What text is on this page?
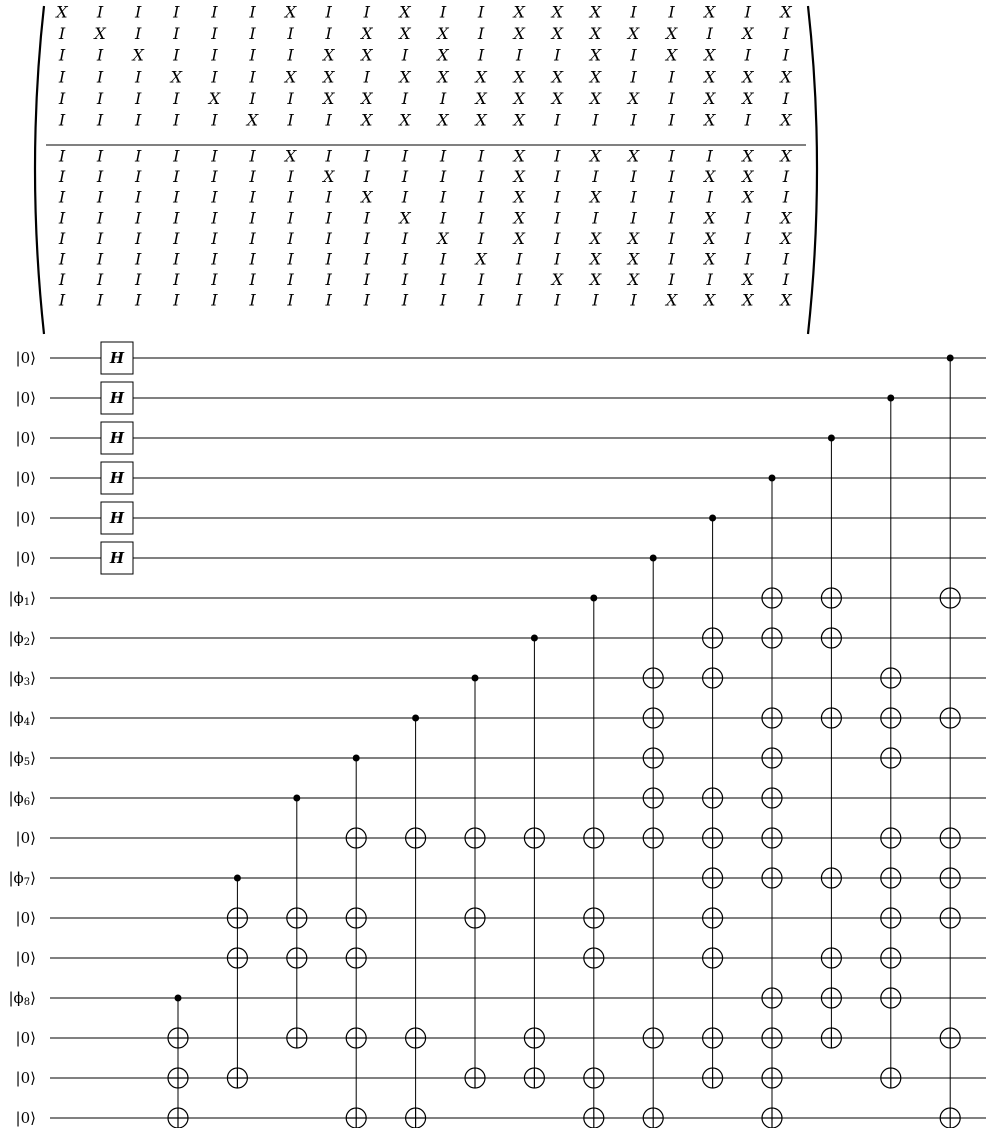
X I I I I I X I I X I I X X X I I X I X
I X I I I I I I X X X I X X X X X I X I
I I X I I I I X X I X I I I X I X X I I
I I I X I I X X I X X X X X X I I X X X
I I I I X I I X X I I X X X X X I X X I
I I I I I X I I X X X X X I I I I X I X
I I I I I I X I I I I I X I X X I I X X
I I I I I I I X I I I I X I I I I X X I
I I I I I I I I X I I I X I X I I I X I
I I I I I I I I I X I I X I I I I X I X
I I I I I I I I I I X I X I X X I X I X
I I I I I I I I I I I X I I X X I X I I
I I I I I I I I I I I I I X X X I I X I
I I I I I I I I I I I I I I I I X X X X
|0⟩
|0⟩
|0⟩
|0⟩
|0⟩
|0⟩
$|\phi_1⟩$
$|\phi_2⟩$
$|\phi_3⟩$
$|\phi_4⟩$
$|\phi_5⟩$
$|\phi_6⟩$
|0⟩
$|\phi_7⟩$
|0⟩
|0⟩
$|\phi_8⟩$
|0⟩
|0⟩
|0⟩
H
H
H
H
H
H
